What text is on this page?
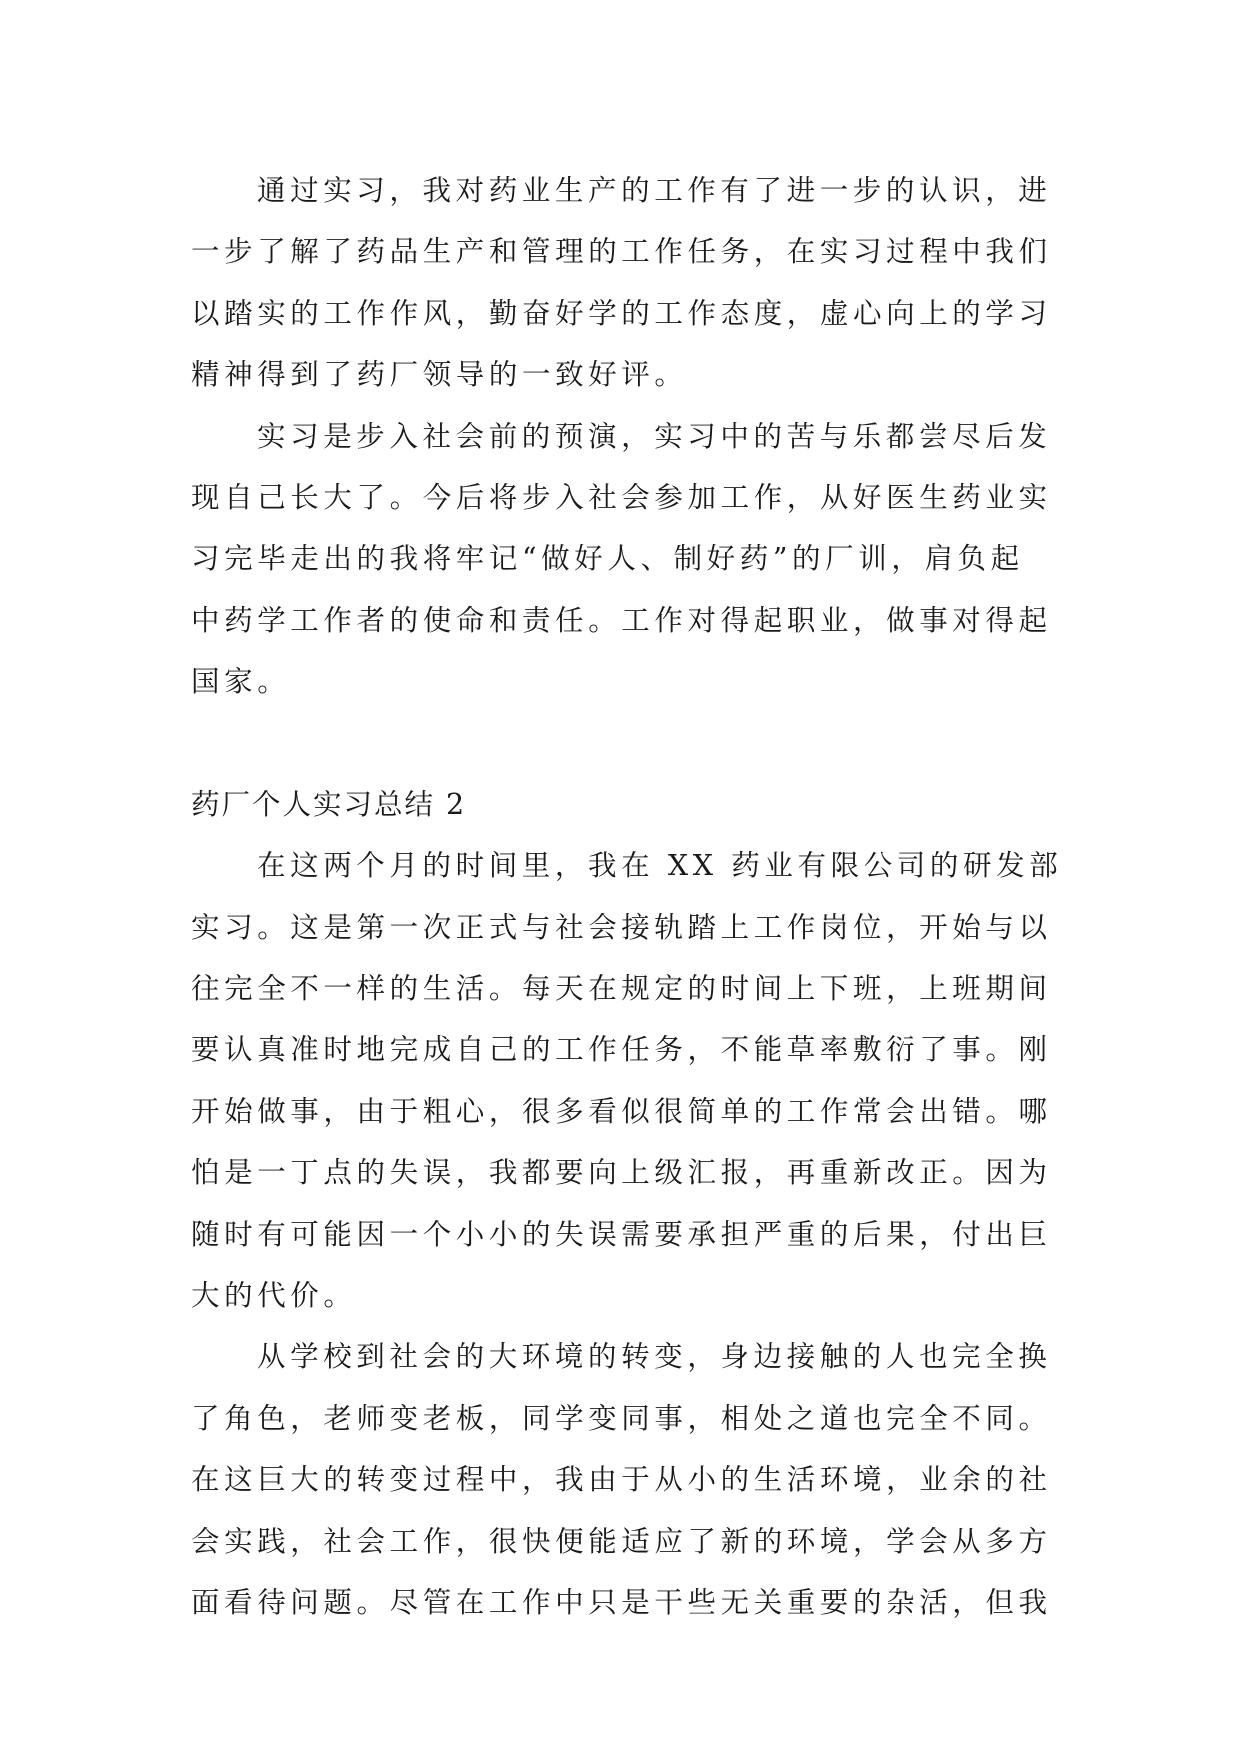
通过实习，我对药业生产的工作有了进一步的认识，进
一步了解了药品生产和管理的工作任务，在实习过程中我们
以踏实的工作作风，勤奋好学的工作态度，虚心向上的学习
精神得到了药厂领导的一致好评。
实习是步入社会前的预演，实习中的苦与乐都尝尽后发
现自己长大了。今后将步入社会参加工作，从好医生药业实
习完毕走出的我将牢记“做好人、制好药”的厂训，肩负起
中药学工作者的使命和责任。工作对得起职业，做事对得起
国家。
药厂个人实习总结 2
在这两个月的时间里，我在 XX 药业有限公司的研发部
实习。这是第一次正式与社会接轨踏上工作岗位，开始与以
往完全不一样的生活。每天在规定的时间上下班，上班期间
要认真准时地完成自己的工作任务，不能草率敷衍了事。刚
开始做事，由于粗心，很多看似很简单的工作常会出错。哪
怕是一丁点的失误，我都要向上级汇报，再重新改正。因为
随时有可能因一个小小的失误需要承担严重的后果，付出巨
大的代价。
从学校到社会的大环境的转变，身边接触的人也完全换
了角色，老师变老板，同学变同事，相处之道也完全不同。
在这巨大的转变过程中，我由于从小的生活环境，业余的社
会实践，社会工作，很快便能适应了新的环境，学会从多方
面看待问题。尽管在工作中只是干些无关重要的杂活，但我
